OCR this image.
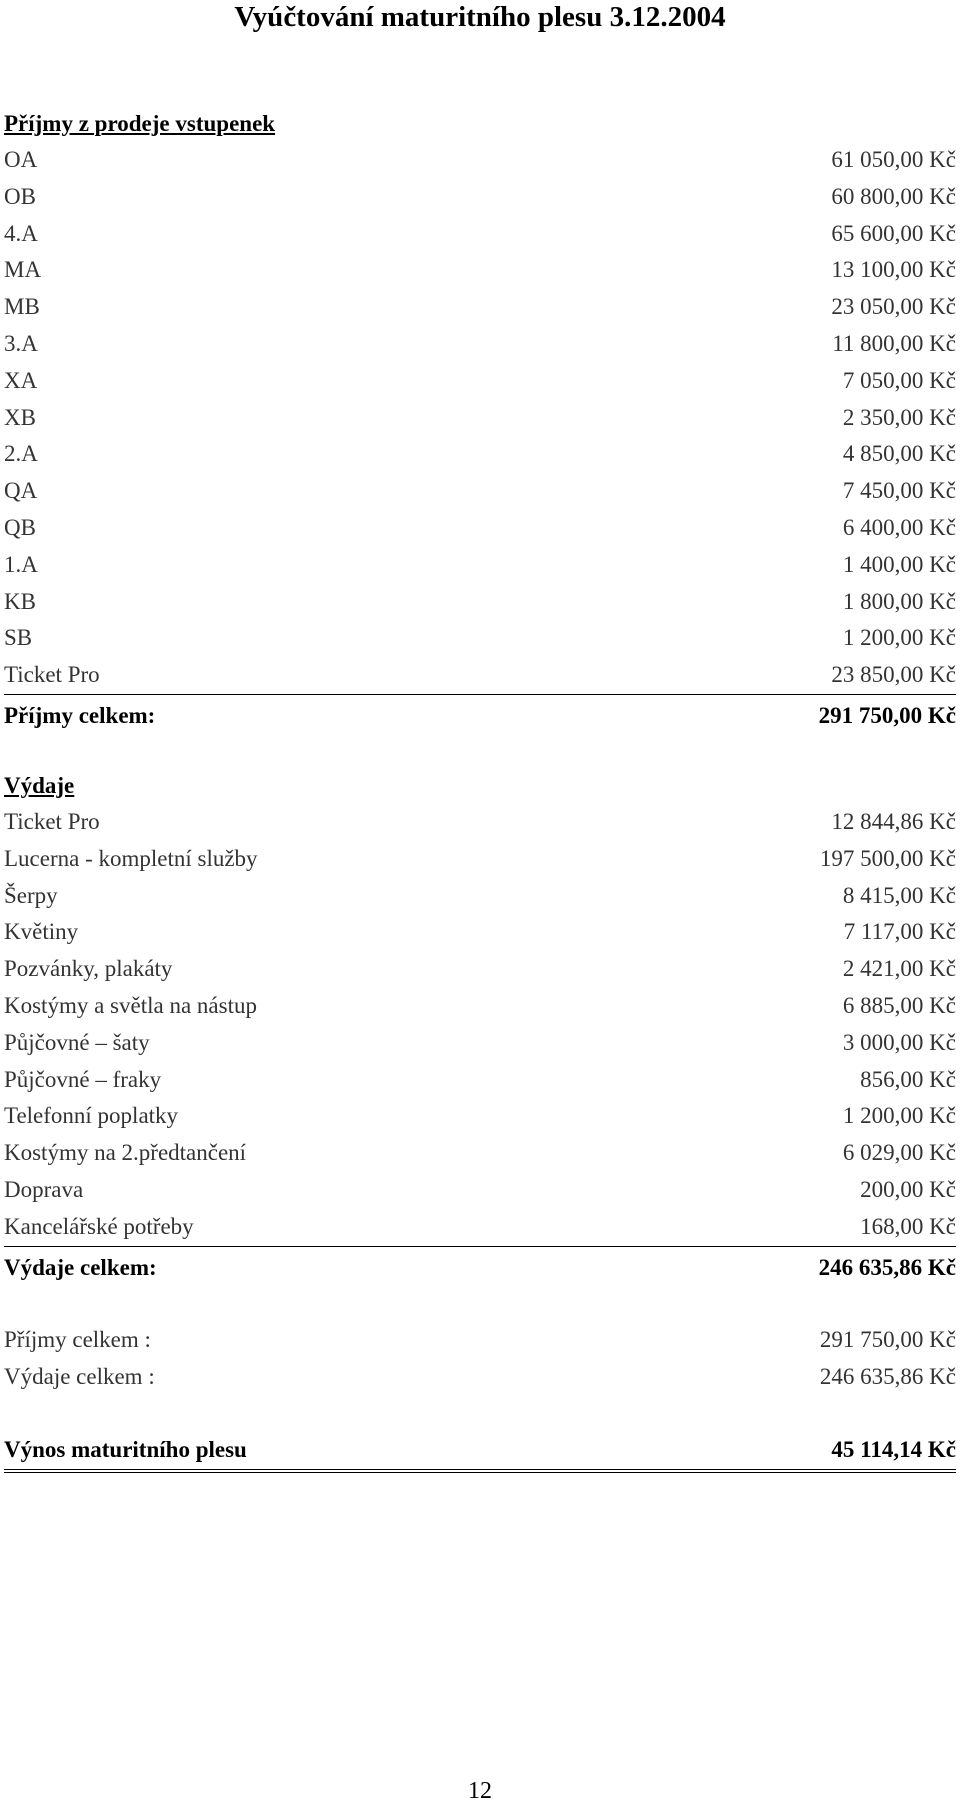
Vyúčtování maturitního plesu 3.12.2004
Příjmy z prodeje vstupenek
OA	61 050,00 Kč
OB	60 800,00 Kč
4.A	65 600,00 Kč
MA	13 100,00 Kč
MB	23 050,00 Kč
3.A	11 800,00 Kč
XA	7 050,00 Kč
XB	2 350,00 Kč
2.A	4 850,00 Kč
QA	7 450,00 Kč
QB	6 400,00 Kč
1.A	1 400,00 Kč
KB	1 800,00 Kč
SB	1 200,00 Kč
Ticket Pro	23 850,00 Kč
Příjmy celkem:	291 750,00 Kč
Výdaje
Ticket Pro	12 844,86 Kč
Lucerna - kompletní služby	197 500,00 Kč
Šerpy	8 415,00 Kč
Květiny	7 117,00 Kč
Pozvánky, plakáty	2 421,00 Kč
Kostýmy a světla na nástup	6 885,00 Kč
Půjčovné – šaty	3 000,00 Kč
Půjčovné – fraky	856,00 Kč
Telefonní poplatky	1 200,00 Kč
Kostýmy na 2.předtančení	6 029,00 Kč
Doprava	200,00 Kč
Kancelářské potřeby	168,00 Kč
Výdaje celkem:	246 635,86 Kč
Příjmy celkem :	291 750,00 Kč
Výdaje celkem :	246 635,86 Kč
Výnos maturitního plesu	45 114,14 Kč
12
